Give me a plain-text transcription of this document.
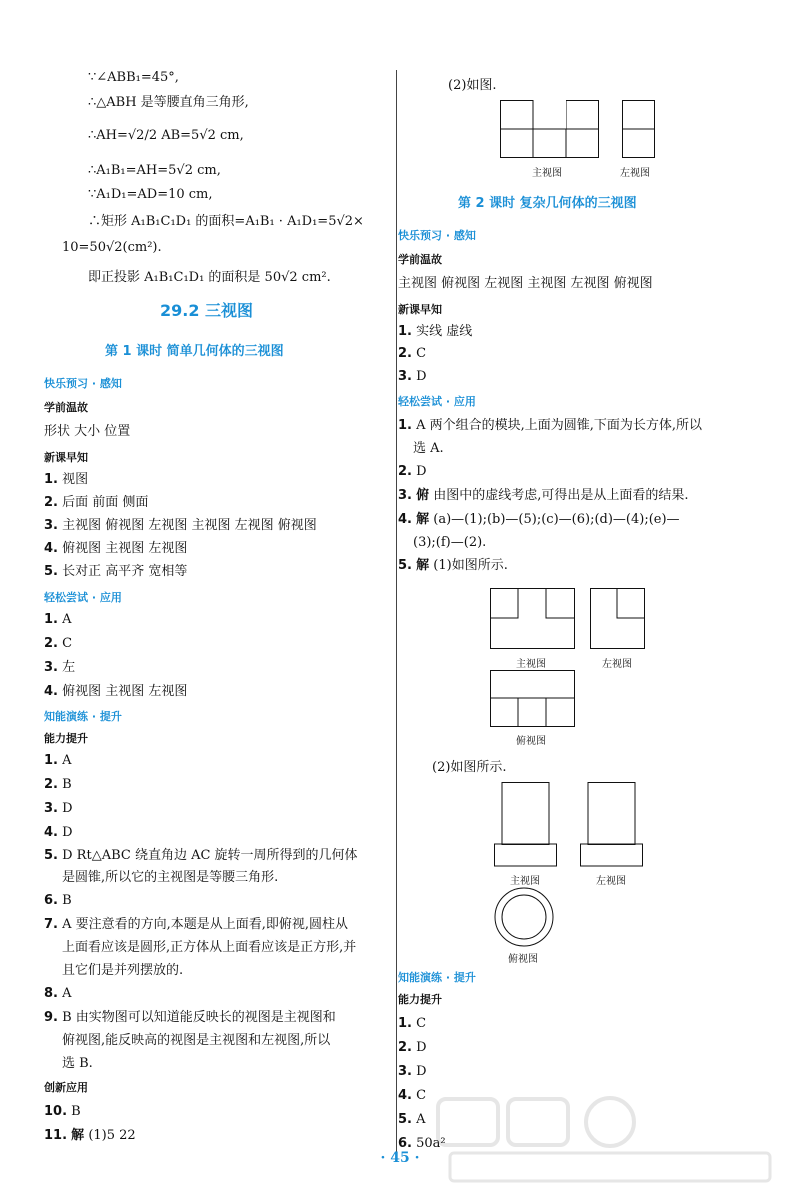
∵∠ABB₁=45°,
∴△ABH 是等腰直角三角形,
∴AH=√2/2 AB=5√2 cm,
∴A₁B₁=AH=5√2 cm,
∵A₁D₁=AD=10 cm,
∴矩形 A₁B₁C₁D₁ 的面积=A₁B₁ · A₁D₁=5√2×
10=50√2(cm²).
即正投影 A₁B₁C₁D₁ 的面积是 50√2 cm².
29.2 三视图
第 1 课时 简单几何体的三视图
快乐预习 · 感知
学前温故
形状 大小 位置
新课早知
1. 视图
2. 后面 前面 侧面
3. 主视图 俯视图 左视图 主视图 左视图 俯视图
4. 俯视图 主视图 左视图
5. 长对正 高平齐 宽相等
轻松尝试 · 应用
1. A
2. C
3. 左
4. 俯视图 主视图 左视图
知能演练 · 提升
能力提升
1. A
2. B
3. D
4. D
5. D Rt△ABC 绕直角边 AC 旋转一周所得到的几何体
是圆锥,所以它的主视图是等腰三角形.
6. B
7. A 要注意看的方向,本题是从上面看,即俯视,圆柱从
上面看应该是圆形,正方体从上面看应该是正方形,并
且它们是并列摆放的.
8. A
9. B 由实物图可以知道能反映长的视图是主视图和
俯视图,能反映高的视图是主视图和左视图,所以
选 B.
创新应用
10. B
11. 解 (1)5 22
(2)如图.
主视图	左视图
第 2 课时 复杂几何体的三视图
快乐预习 · 感知
学前温故
主视图 俯视图 左视图 主视图 左视图 俯视图
新课早知
1. 实线 虚线
2. C
3. D
轻松尝试 · 应用
1. A 两个组合的模块,上面为圆锥,下面为长方体,所以
选 A.
2. D
3. 俯 由图中的虚线考虑,可得出是从上面看的结果.
4. 解 (a)—(1);(b)—(5);(c)—(6);(d)—(4);(e)—
(3);(f)—(2).
5. 解 (1)如图所示.
主视图	左视图
俯视图
(2)如图所示.
主视图	左视图
俯视图
知能演练 · 提升
能力提升
1. C
2. D
3. D
4. C
5. A
6. 50a²
· 45 ·
